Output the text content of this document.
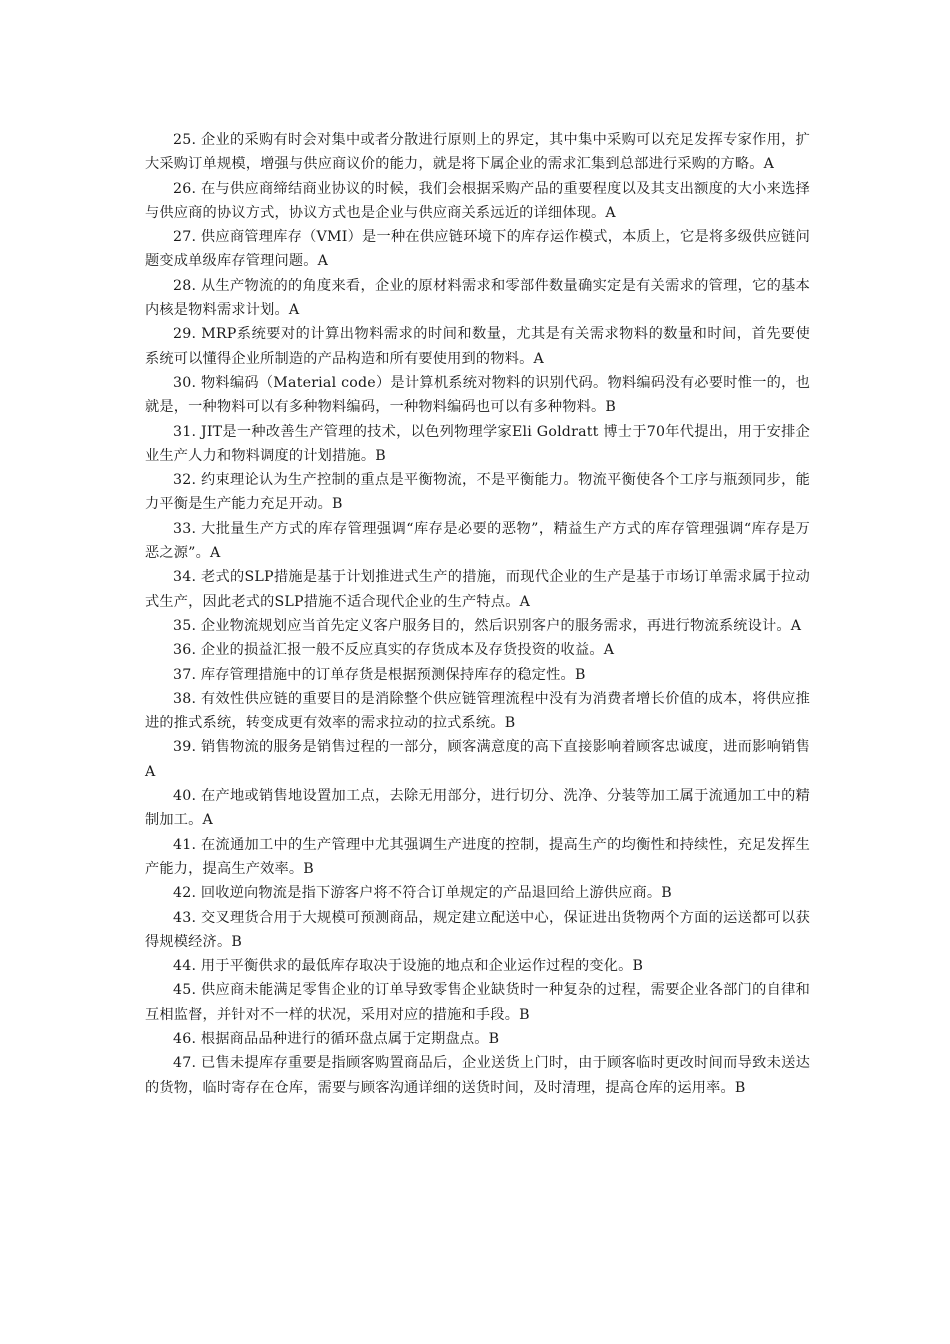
25. 企业的采购有时会对集中或者分散进行原则上的界定，其中集中采购可以充足发挥专家作用，扩大采购订单规模，增强与供应商议价的能力，就是将下属企业的需求汇集到总部进行采购的方略。A

26. 在与供应商缔结商业协议的时候，我们会根据采购产品的重要程度以及其支出额度的大小来选择与供应商的协议方式，协议方式也是企业与供应商关系远近的详细体现。A

27. 供应商管理库存（VMI）是一种在供应链环境下的库存运作模式，本质上，它是将多级供应链问题变成单级库存管理问题。A

28. 从生产物流的的角度来看，企业的原材料需求和零部件数量确实定是有关需求的管理，它的基本内核是物料需求计划。A

29. MRP系统要对的计算出物料需求的时间和数量，尤其是有关需求物料的数量和时间，首先要使系统可以懂得企业所制造的产品构造和所有要使用到的物料。A

30. 物料编码（Material code）是计算机系统对物料的识别代码。物料编码没有必要时惟一的，也就是，一种物料可以有多种物料编码，一种物料编码也可以有多种物料。B

31. JIT是一种改善生产管理的技术，以色列物理学家Eli Goldratt 博士于70年代提出，用于安排企业生产人力和物料调度的计划措施。B

32. 约束理论认为生产控制的重点是平衡物流，不是平衡能力。物流平衡使各个工序与瓶颈同步，能力平衡是生产能力充足开动。B

33. 大批量生产方式的库存管理强调“库存是必要的恶物”，精益生产方式的库存管理强调“库存是万恶之源”。A

34. 老式的SLP措施是基于计划推进式生产的措施，而现代企业的生产是基于市场订单需求属于拉动式生产，因此老式的SLP措施不适合现代企业的生产特点。A

35. 企业物流规划应当首先定义客户服务目的，然后识别客户的服务需求，再进行物流系统设计。A

36. 企业的损益汇报一般不反应真实的存货成本及存货投资的收益。A

37. 库存管理措施中的订单存货是根据预测保持库存的稳定性。B

38. 有效性供应链的重要目的是消除整个供应链管理流程中没有为消费者增长价值的成本，将供应推进的推式系统，转变成更有效率的需求拉动的拉式系统。B

39. 销售物流的服务是销售过程的一部分，顾客满意度的高下直接影响着顾客忠诚度，进而影响销售A

40. 在产地或销售地设置加工点，去除无用部分，进行切分、洗净、分装等加工属于流通加工中的精制加工。A

41. 在流通加工中的生产管理中尤其强调生产进度的控制，提高生产的均衡性和持续性，充足发挥生产能力，提高生产效率。B

42. 回收逆向物流是指下游客户将不符合订单规定的产品退回给上游供应商。B

43. 交叉理货合用于大规模可预测商品，规定建立配送中心，保证进出货物两个方面的运送都可以获得规模经济。B

44. 用于平衡供求的最低库存取决于设施的地点和企业运作过程的变化。B

45. 供应商未能满足零售企业的订单导致零售企业缺货时一种复杂的过程，需要企业各部门的自律和互相监督，并针对不一样的状况，采用对应的措施和手段。B

46. 根据商品品种进行的循环盘点属于定期盘点。B

47. 已售未提库存重要是指顾客购置商品后，企业送货上门时，由于顾客临时更改时间而导致未送达的货物，临时寄存在仓库，需要与顾客沟通详细的送货时间，及时清理，提高仓库的运用率。B
